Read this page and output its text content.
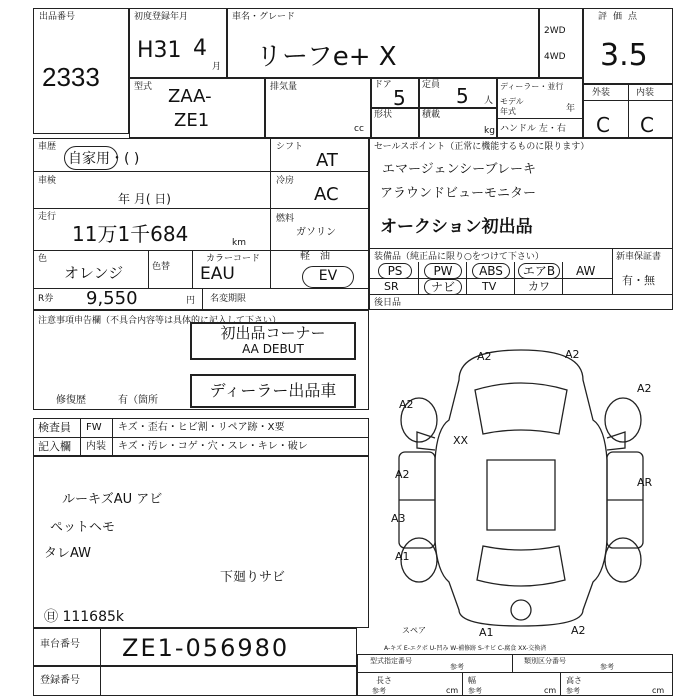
出品番号
2333
初度登録年月
H31 4
月
車名・グレード
リーフe+ X
2WD
4WD
評価点
3.5
外装	内装
C C
型式 ZAA-
ZE1
排気量
cc
ドア
5
定員 5 人
ディーラー・並行
モデル年式	年
ハンドル 左・右
形状	積載
kg
車歴
自家用・( )
車検
年 月( 日)
走行
11万1千684	km
色
オレンジ	色替
カラーコード
EAU
R券 9,550	円 名変期限
シフト
AT
冷房
AC
燃料
ガソリン
軽　油
EV
セールスポイント（正常に機能するものに限ります）
エマージェンシーブレーキ
アラウンドビューモニター
オークション初出品
装備品（純正品に限り○をつけて下さい）	新車保証書
有・無
PS	PW	ABS	エアB	AW
SR	ナビ	TV	カワ
後日品
注意事項申告欄（不具合内容等は具体的に記入して下さい）
初出品コーナー
AA DEBUT
ディーラー出品車
修復歴	有（箇所
検査員
記入欄
FW キズ・歪右・ヒビ割・リペア跡・X要
内装 キズ・汚レ・コゲ・穴・スレ・キレ・破レ
ルーキズAU アビ
ペットヘモ
タレAW
下廻りサビ
㊐ 111685k
A2	A2
A2
A2
XX
A2
AR
A3
A1
A1	A2
スペア
A-キズ E-エクボ U-凹み W-補修跡 S-サビ C-腐食 XX-交換済
車台番号 ZE1-056980
登録番号
型式指定番号
参考
類別区分番号
参考
長さ
参考	cm
幅
参考	cm
高さ
参考	cm
